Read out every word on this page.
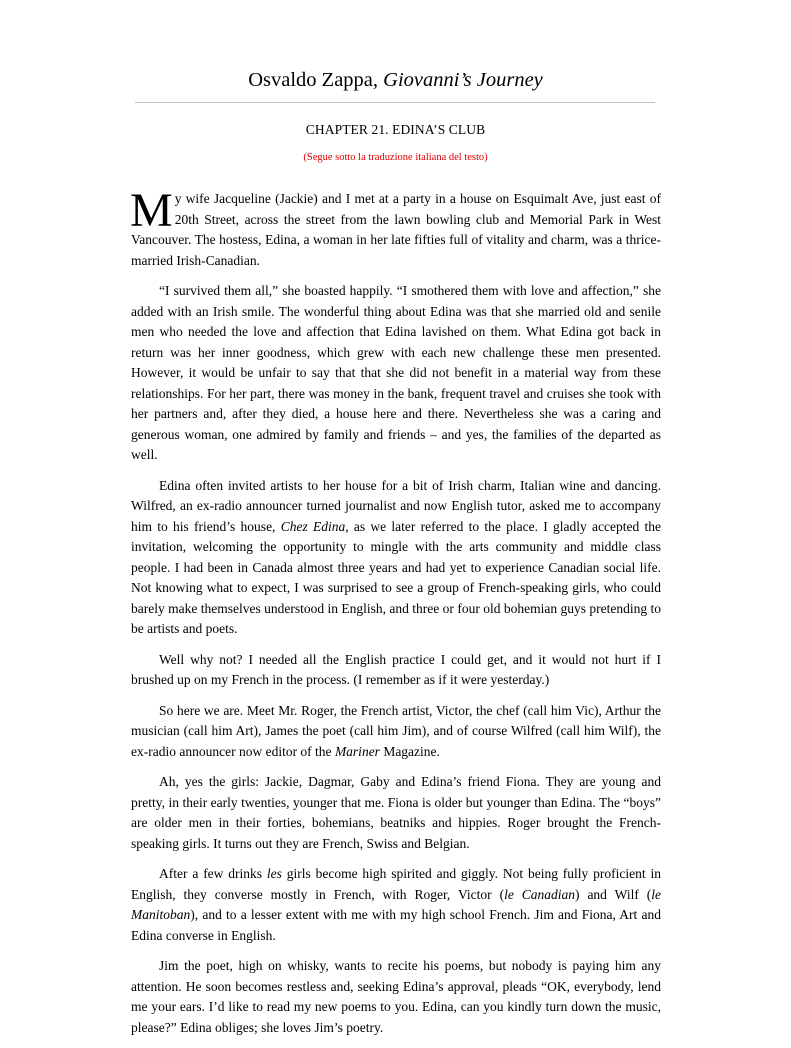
Osvaldo Zappa, Giovanni’s Journey
CHAPTER 21. EDINA’S CLUB
(Segue sotto la traduzione italiana del testo)

My wife Jacqueline (Jackie) and I met at a party in a house on Esquimalt Ave, just east of 20th Street, across the street from the lawn bowling club and Memorial Park in West Vancouver. The hostess, Edina, a woman in her late fifties full of vitality and charm, was a thrice-married Irish-Canadian.

“I survived them all,” she boasted happily. “I smothered them with love and affection,” she added with an Irish smile. The wonderful thing about Edina was that she married old and senile men who needed the love and affection that Edina lavished on them. What Edina got back in return was her inner goodness, which grew with each new challenge these men presented. However, it would be unfair to say that that she did not benefit in a material way from these relationships. For her part, there was money in the bank, frequent travel and cruises she took with her partners and, after they died, a house here and there. Nevertheless she was a caring and generous woman, one admired by family and friends – and yes, the families of the departed as well.

Edina often invited artists to her house for a bit of Irish charm, Italian wine and dancing. Wilfred, an ex-radio announcer turned journalist and now English tutor, asked me to accompany him to his friend’s house, Chez Edina, as we later referred to the place. I gladly accepted the invitation, welcoming the opportunity to mingle with the arts community and middle class people. I had been in Canada almost three years and had yet to experience Canadian social life. Not knowing what to expect, I was surprised to see a group of French-speaking girls, who could barely make themselves understood in English, and three or four old bohemian guys pretending to be artists and poets.

Well why not? I needed all the English practice I could get, and it would not hurt if I brushed up on my French in the process. (I remember as if it were yesterday.)

So here we are. Meet Mr. Roger, the French artist, Victor, the chef (call him Vic), Arthur the musician (call him Art), James the poet (call him Jim), and of course Wilfred (call him Wilf), the ex-radio announcer now editor of the Mariner Magazine.

Ah, yes the girls: Jackie, Dagmar, Gaby and Edina’s friend Fiona. They are young and pretty, in their early twenties, younger that me. Fiona is older but younger than Edina. The “boys” are older men in their forties, bohemians, beatniks and hippies. Roger brought the French-speaking girls. It turns out they are French, Swiss and Belgian.

After a few drinks les girls become high spirited and giggly. Not being fully proficient in English, they converse mostly in French, with Roger, Victor (le Canadian) and Wilf (le Manitoban), and to a lesser extent with me with my high school French. Jim and Fiona, Art and Edina converse in English.

Jim the poet, high on whisky, wants to recite his poems, but nobody is paying him any attention. He soon becomes restless and, seeking Edina’s approval, pleads “OK, everybody, lend me your ears. I’d like to read my new poems to you. Edina, can you kindly turn down the music, please?” Edina obliges; she loves Jim’s poetry.
